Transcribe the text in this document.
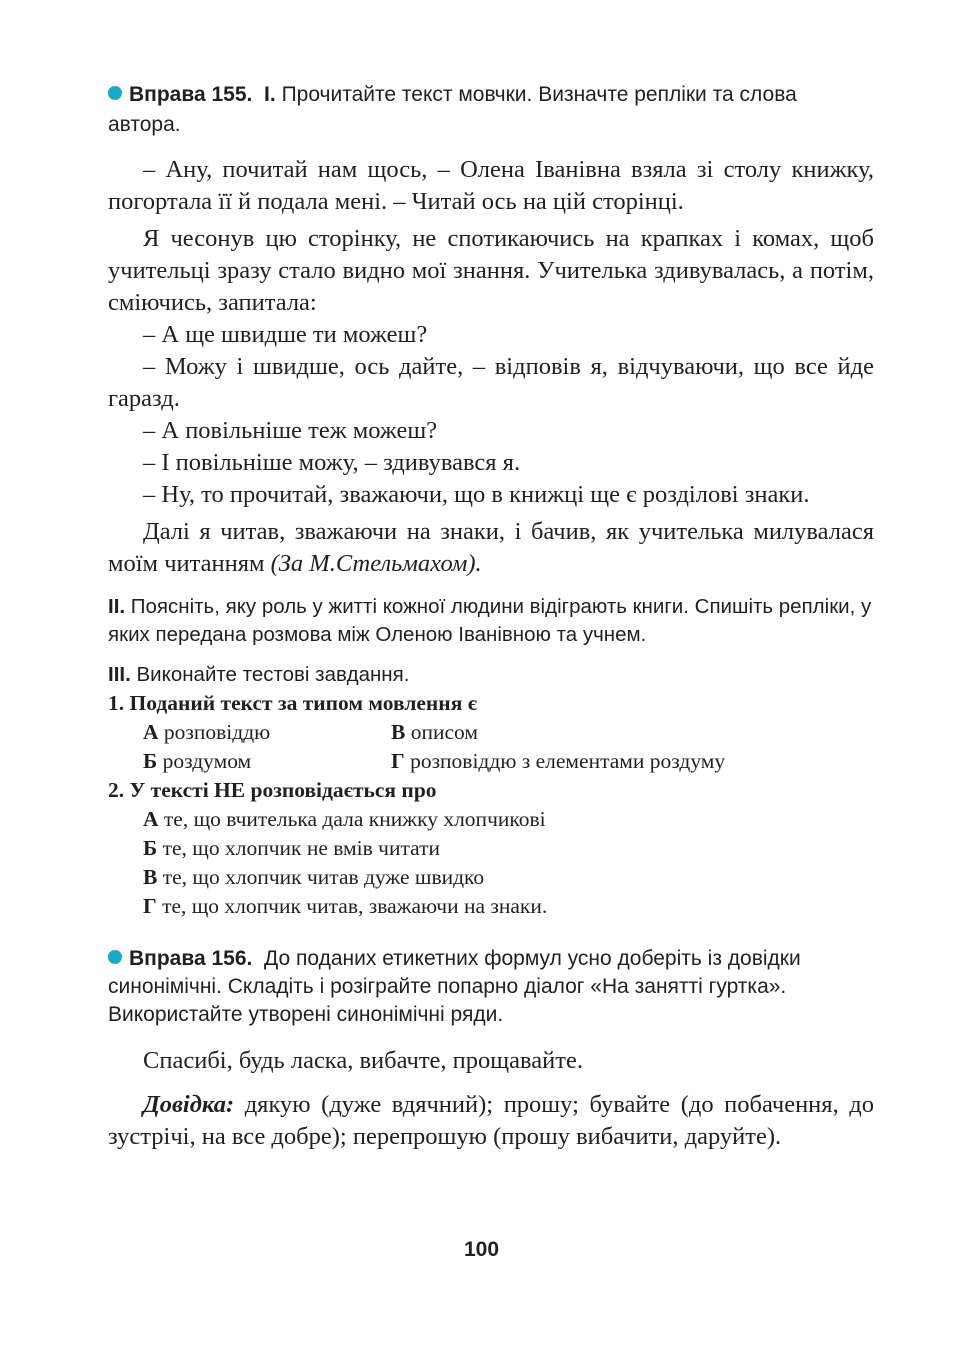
Вправа 155. І. Прочитайте текст мовчки. Визначте репліки та слова автора.

– Ану, почитай нам щось, – Олена Іванівна взяла зі столу книжку, погортала її й подала мені. – Читай ось на цій сторінці.

Я чесонув цю сторінку, не спотикаючись на крапках і комах, щоб учительці зразу стало видно мої знання. Учителька здивувалась, а потім, сміючись, запитала:

– А ще швидше ти можеш?

– Можу і швидше, ось дайте, – відповів я, відчуваючи, що все йде гаразд.

– А повільніше теж можеш?

– І повільніше можу, – здивувався я.

– Ну, то прочитай, зважаючи, що в книжці ще є розділові знаки.

Далі я читав, зважаючи на знаки, і бачив, як учителька милувалася моїм читанням (За М.Стельмахом).

ІІ. Поясніть, яку роль у житті кожної людини відіграють книги. Спишіть репліки, у яких передана розмова між Оленою Іванівною та учнем.

ІІІ. Виконайте тестові завдання.

1. Поданий текст за типом мовлення є

А розповіддю	В описом
Б роздумом	Г розповіддю з елементами роздуму

2. У тексті НЕ розповідається про

А те, що вчителька дала книжку хлопчикові
Б те, що хлопчик не вмів читати
В те, що хлопчик читав дуже швидко
Г те, що хлопчик читав, зважаючи на знаки.

Вправа 156. До поданих етикетних формул усно доберіть із довідки синонімічні. Складіть і розіграйте попарно діалог «На занятті гуртка». Використайте утворені синонімічні ряди.

Спасибі, будь ласка, вибачте, прощавайте.

Довідка: дякую (дуже вдячний); прошу; бувайте (до побачення, до зустрічі, на все добре); перепрошую (прошу вибачити, даруйте).

100
